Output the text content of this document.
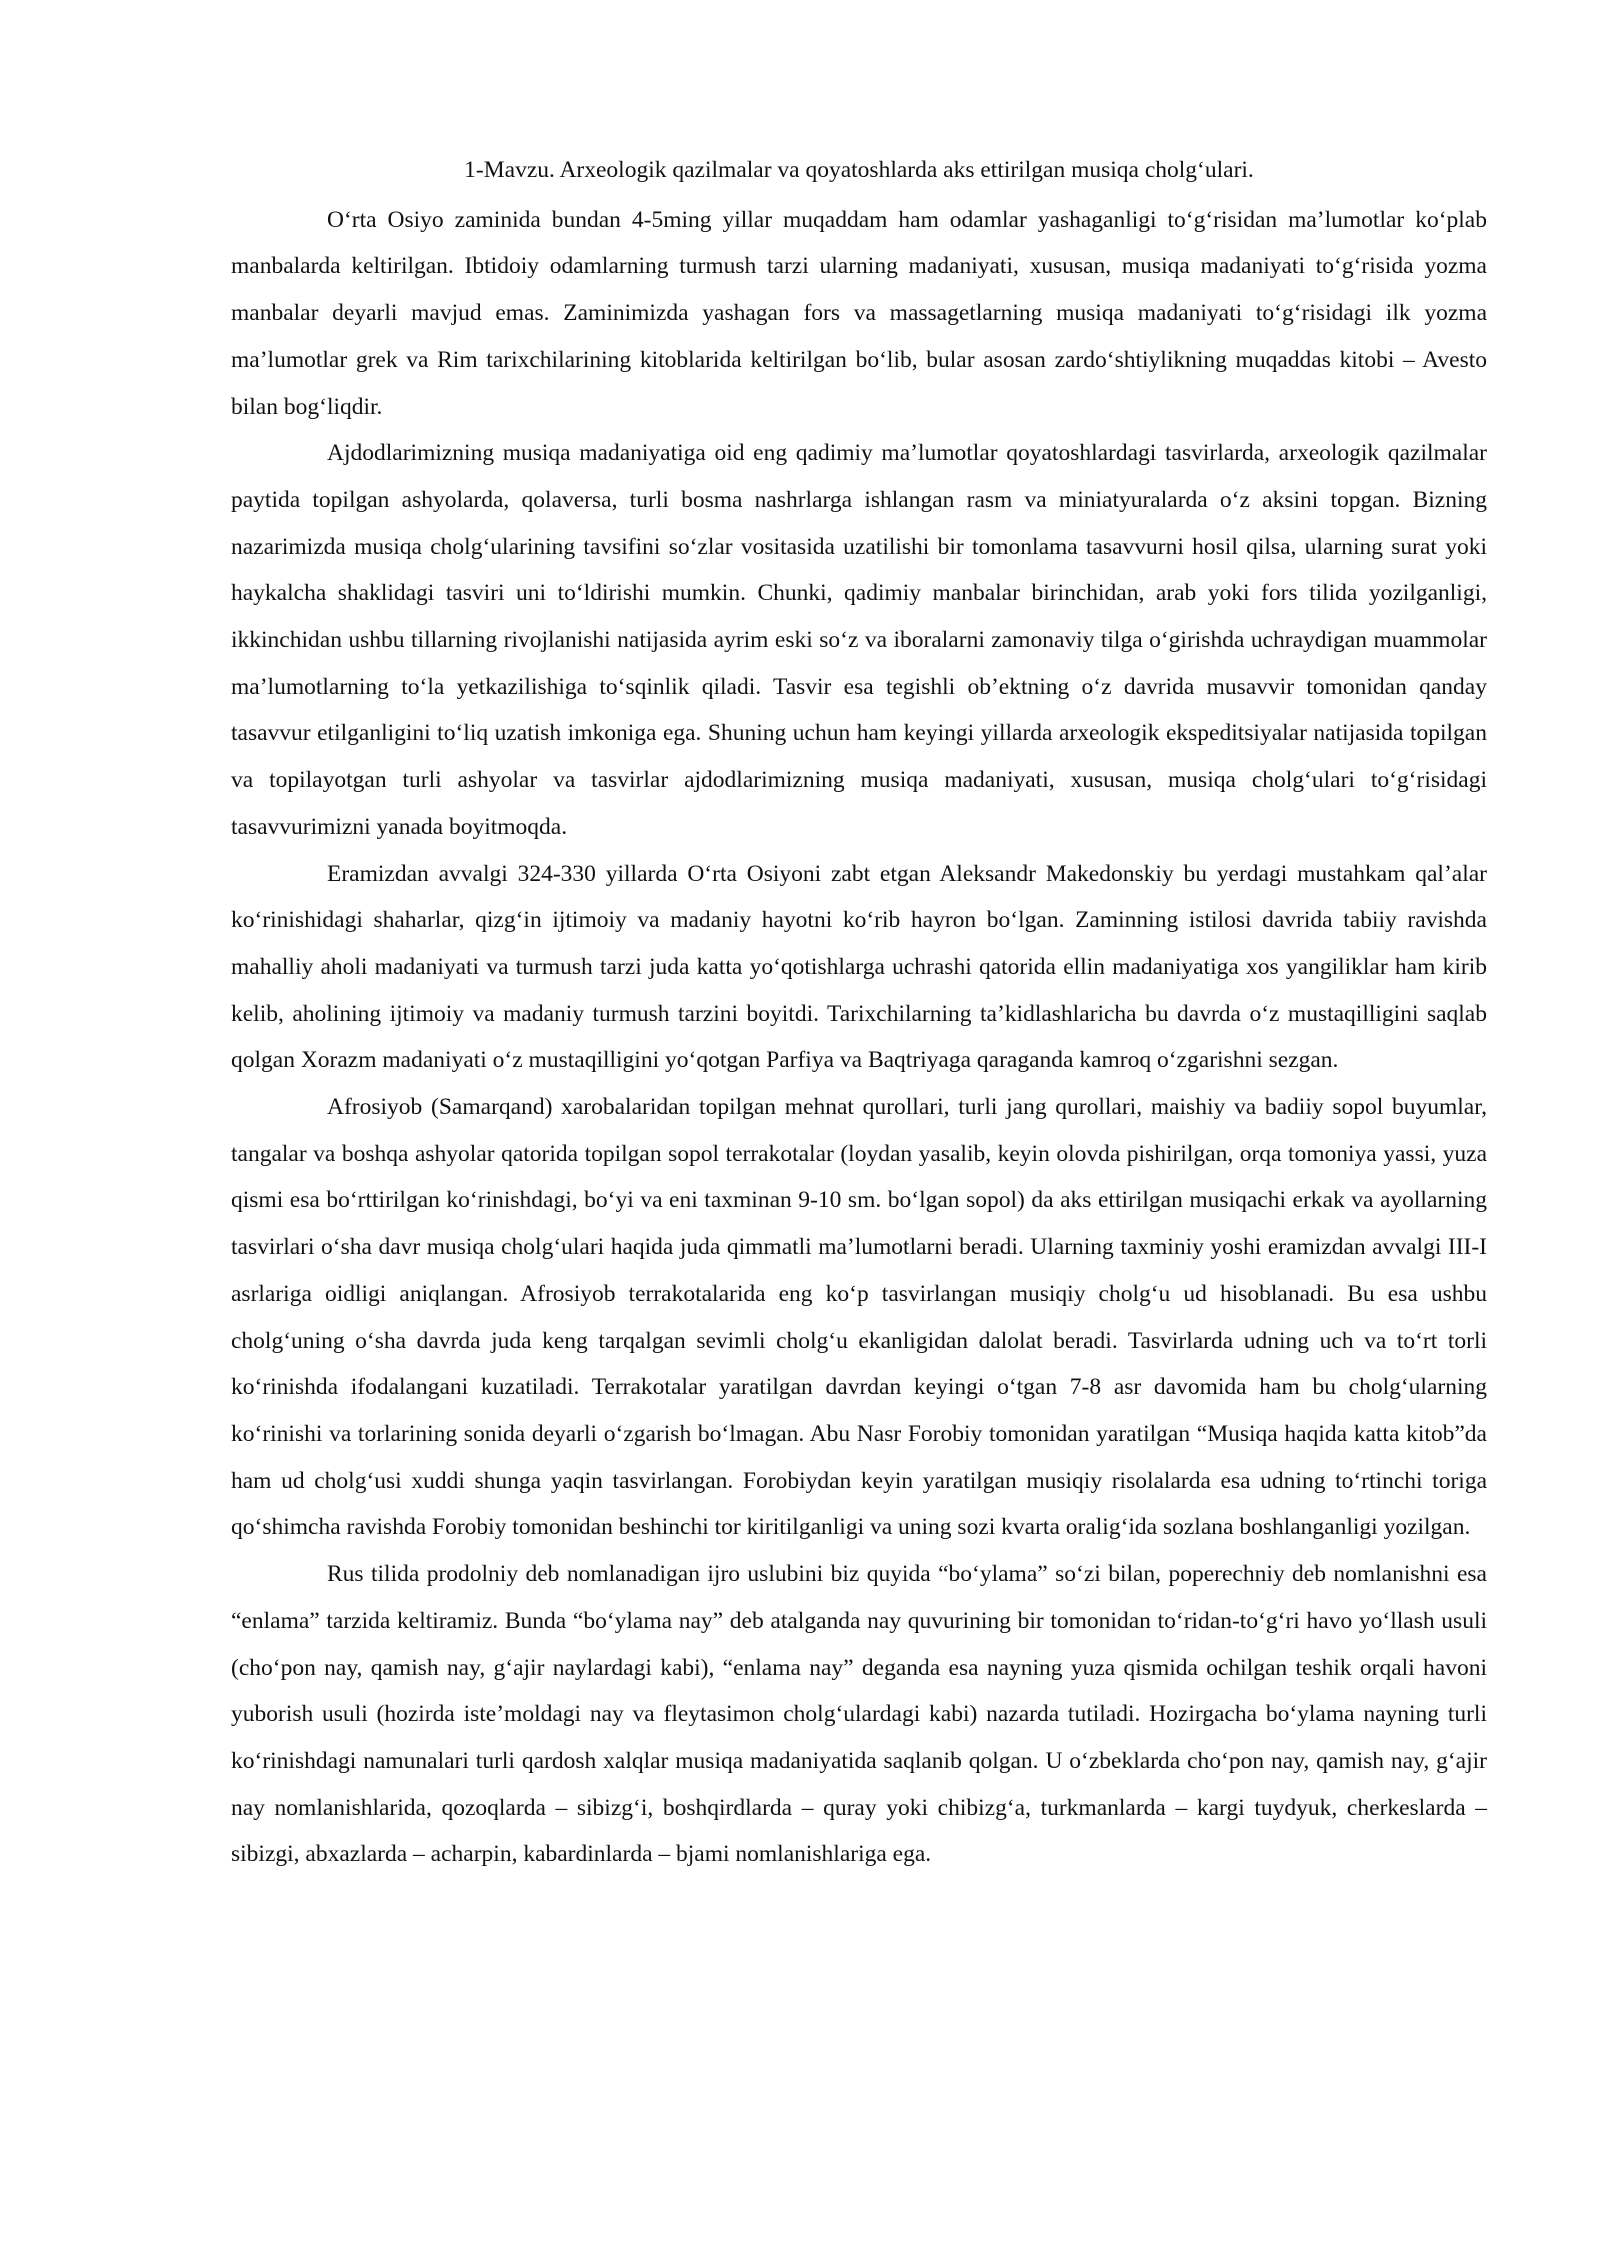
1-Mavzu. Arxeologik qazilmalar va qoyatoshlarda aks ettirilgan musiqa cholg‘ulari.

O‘rta Osiyo zaminida bundan 4-5ming yillar muqaddam ham odamlar yashaganligi to‘g‘risidan ma’lumotlar ko‘plab manbalarda keltirilgan. Ibtidoiy odamlarning turmush tarzi ularning madaniyati, xususan, musiqa madaniyati to‘g‘risida yozma manbalar deyarli mavjud emas. Zaminimizda yashagan fors va massagetlarning musiqa madaniyati to‘g‘risidagi ilk yozma ma’lumotlar grek va Rim tarixchilarining kitoblarida keltirilgan bo‘lib, bular asosan zardo‘shtiylikning muqaddas kitobi – Avesto bilan bog‘liqdir.

Ajdodlarimizning musiqa madaniyatiga oid eng qadimiy ma’lumotlar qoyatoshlardagi tasvirlarda, arxeologik qazilmalar paytida topilgan ashyolarda, qolaversa, turli bosma nashrlarga ishlangan rasm va miniatyuralarda o‘z aksini topgan. Bizning nazarimizda musiqa cholg‘ularining tavsifini so‘zlar vositasida uzatilishi bir tomonlama tasavvurni hosil qilsa, ularning surat yoki haykalcha shaklidagi tasviri uni to‘ldirishi mumkin. Chunki, qadimiy manbalar birinchidan, arab yoki fors tilida yozilganligi, ikkinchidan ushbu tillarning rivojlanishi natijasida ayrim eski so‘z va iboralarni zamonaviy tilga o‘girishda uchraydigan muammolar ma’lumotlarning to‘la yetkazilishiga to‘sqinlik qiladi. Tasvir esa tegishli ob’ektning o‘z davrida musavvir tomonidan qanday tasavvur etilganligini to‘liq uzatish imkoniga ega. Shuning uchun ham keyingi yillarda arxeologik ekspeditsiyalar natijasida topilgan va topilayotgan turli ashyolar va tasvirlar ajdodlarimizning musiqa madaniyati, xususan, musiqa cholg‘ulari to‘g‘risidagi tasavvurimizni yanada boyitmoqda.

Eramizdan avvalgi 324-330 yillarda O‘rta Osiyoni zabt etgan Aleksandr Makedonskiy bu yerdagi mustahkam qal’alar ko‘rinishidagi shaharlar, qizg‘in ijtimoiy va madaniy hayotni ko‘rib hayron bo‘lgan. Zaminning istilosi davrida tabiiy ravishda mahalliy aholi madaniyati va turmush tarzi juda katta yo‘qotishlarga uchrashi qatorida ellin madaniyatiga xos yangiliklar ham kirib kelib, aholining ijtimoiy va madaniy turmush tarzini boyitdi. Tarixchilarning ta’kidlashlaricha bu davrda o‘z mustaqilligini saqlab qolgan Xorazm madaniyati o‘z mustaqilligini yo‘qotgan Parfiya va Baqtriyaga qaraganda kamroq o‘zgarishni sezgan.

Afrosiyob (Samarqand) xarobalaridan topilgan mehnat qurollari, turli jang qurollari, maishiy va badiiy sopol buyumlar, tangalar va boshqa ashyolar qatorida topilgan sopol terrakotalar (loydan yasalib, keyin olovda pishirilgan, orqa tomoniya yassi, yuza qismi esa bo‘rttirilgan ko‘rinishdagi, bo‘yi va eni taxminan 9-10 sm. bo‘lgan sopol) da aks ettirilgan musiqachi erkak va ayollarning tasvirlari o‘sha davr musiqa cholg‘ulari haqida juda qimmatli ma’lumotlarni beradi. Ularning taxminiy yoshi eramizdan avvalgi III-I asrlariga oidligi aniqlangan. Afrosiyob terrakotalarida eng ko‘p tasvirlangan musiqiy cholg‘u ud hisoblanadi. Bu esa ushbu cholg‘uning o‘sha davrda juda keng tarqalgan sevimli cholg‘u ekanligidan dalolat beradi. Tasvirlarda udning uch va to‘rt torli ko‘rinishda ifodalangani kuzatiladi. Terrakotalar yaratilgan davrdan keyingi o‘tgan 7-8 asr davomida ham bu cholg‘ularning ko‘rinishi va torlarining sonida deyarli o‘zgarish bo‘lmagan. Abu Nasr Forobiy tomonidan yaratilgan “Musiqa haqida katta kitob”da ham ud cholg‘usi xuddi shunga yaqin tasvirlangan. Forobiydan keyin yaratilgan musiqiy risolalarda esa udning to‘rtinchi toriga qo‘shimcha ravishda Forobiy tomonidan beshinchi tor kiritilganligi va uning sozi kvarta oralig‘ida sozlana boshlanganligi yozilgan.

Rus tilida prodolniy deb nomlanadigan ijro uslubini biz quyida “bo‘ylama” so‘zi bilan, poperechniy deb nomlanishni esa “enlama” tarzida keltiramiz. Bunda “bo‘ylama nay” deb atalganda nay quvurining bir tomonidan to‘ridan-to‘g‘ri havo yo‘llash usuli (cho‘pon nay, qamish nay, g‘ajir naylardagi kabi), “enlama nay” deganda esa nayning yuza qismida ochilgan teshik orqali havoni yuborish usuli (hozirda iste’moldagi nay va fleytasimon cholg‘ulardagi kabi) nazarda tutiladi. Hozirgacha bo‘ylama nayning turli ko‘rinishdagi namunalari turli qardosh xalqlar musiqa madaniyatida saqlanib qolgan. U o‘zbeklarda cho‘pon nay, qamish nay, g‘ajir nay nomlanishlarida, qozoqlarda – sibizg‘i, boshqirdlarda – quray yoki chibizg‘a, turkmanlarda – kargi tuydyuk, cherkeslarda – sibizgi, abxazlarda – acharpin, kabardinlarda – bjami nomlanishlariga ega.
